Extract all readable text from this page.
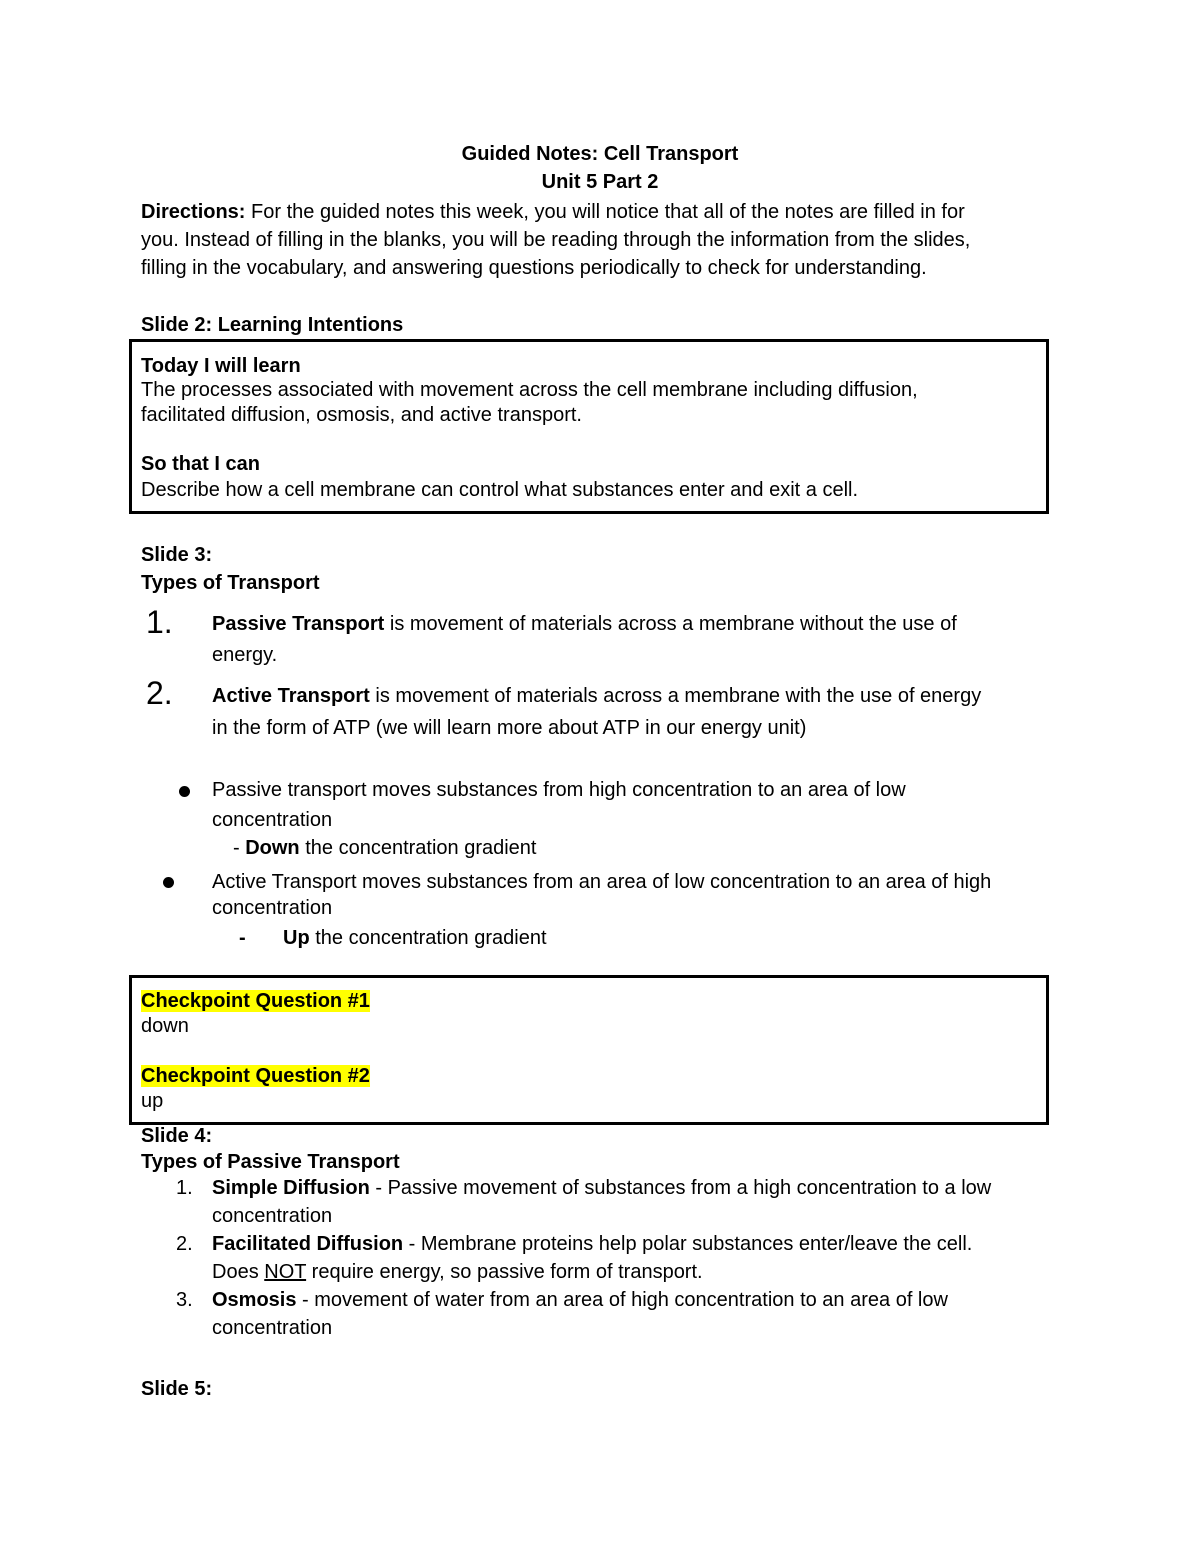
Guided Notes: Cell Transport
Unit 5 Part 2
Directions: For the guided notes this week, you will notice that all of the notes are filled in for
you. Instead of filling in the blanks, you will be reading through the information from the slides,
filling in the vocabulary, and answering questions periodically to check for understanding.
Slide 2: Learning Intentions
Today I will learn
The processes associated with movement across the cell membrane including diffusion,
facilitated diffusion, osmosis, and active transport.
So that I can
Describe how a cell membrane can control what substances enter and exit a cell.
Slide 3:
Types of Transport
1. Passive Transport is movement of materials across a membrane without the use of
energy.
2. Active Transport is movement of materials across a membrane with the use of energy
in the form of ATP (we will learn more about ATP in our energy unit)
Passive transport moves substances from high concentration to an area of low
concentration
- Down the concentration gradient
Active Transport moves substances from an area of low concentration to an area of high
concentration
- Up the concentration gradient
Checkpoint Question #1
down
Checkpoint Question #2
up
Slide 4:
Types of Passive Transport
1. Simple Diffusion - Passive movement of substances from a high concentration to a low
concentration
2. Facilitated Diffusion - Membrane proteins help polar substances enter/leave the cell.
Does NOT require energy, so passive form of transport.
3. Osmosis - movement of water from an area of high concentration to an area of low
concentration
Slide 5:
